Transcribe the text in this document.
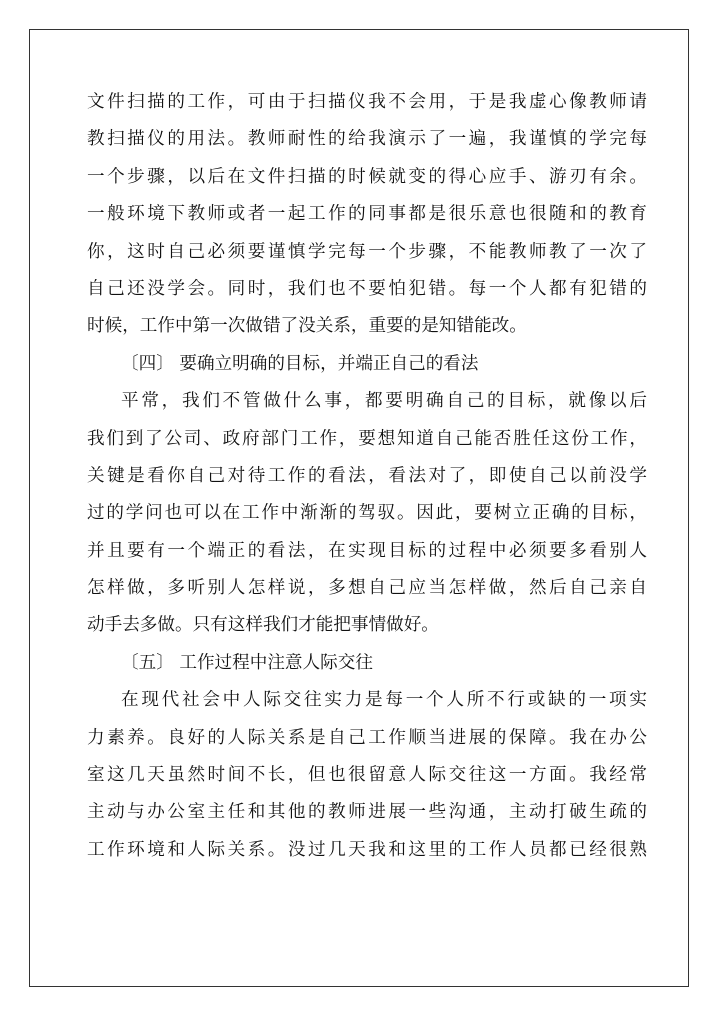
文件扫描的工作，可由于扫描仪我不会用，于是我虚心像教师请
教扫描仪的用法。教师耐性的给我演示了一遍，我谨慎的学完每
一个步骤，以后在文件扫描的时候就变的得心应手、游刃有余。
一般环境下教师或者一起工作的同事都是很乐意也很随和的教育
你，这时自己必须要谨慎学完每一个步骤，不能教师教了一次了
自己还没学会。同时，我们也不要怕犯错。每一个人都有犯错的
时候，工作中第一次做错了没关系，重要的是知错能改。
〔四〕 要确立明确的目标，并端正自己的看法
平常，我们不管做什么事，都要明确自己的目标，就像以后
我们到了公司、政府部门工作，要想知道自己能否胜任这份工作，
关键是看你自己对待工作的看法，看法对了，即使自己以前没学
过的学问也可以在工作中渐渐的驾驭。因此，要树立正确的目标，
并且要有一个端正的看法，在实现目标的过程中必须要多看别人
怎样做，多听别人怎样说，多想自己应当怎样做，然后自己亲自
动手去多做。只有这样我们才能把事情做好。
〔五〕 工作过程中注意人际交往
在现代社会中人际交往实力是每一个人所不行或缺的一项实
力素养。良好的人际关系是自己工作顺当进展的保障。我在办公
室这几天虽然时间不长，但也很留意人际交往这一方面。我经常
主动与办公室主任和其他的教师进展一些沟通，主动打破生疏的
工作环境和人际关系。没过几天我和这里的工作人员都已经很熟
